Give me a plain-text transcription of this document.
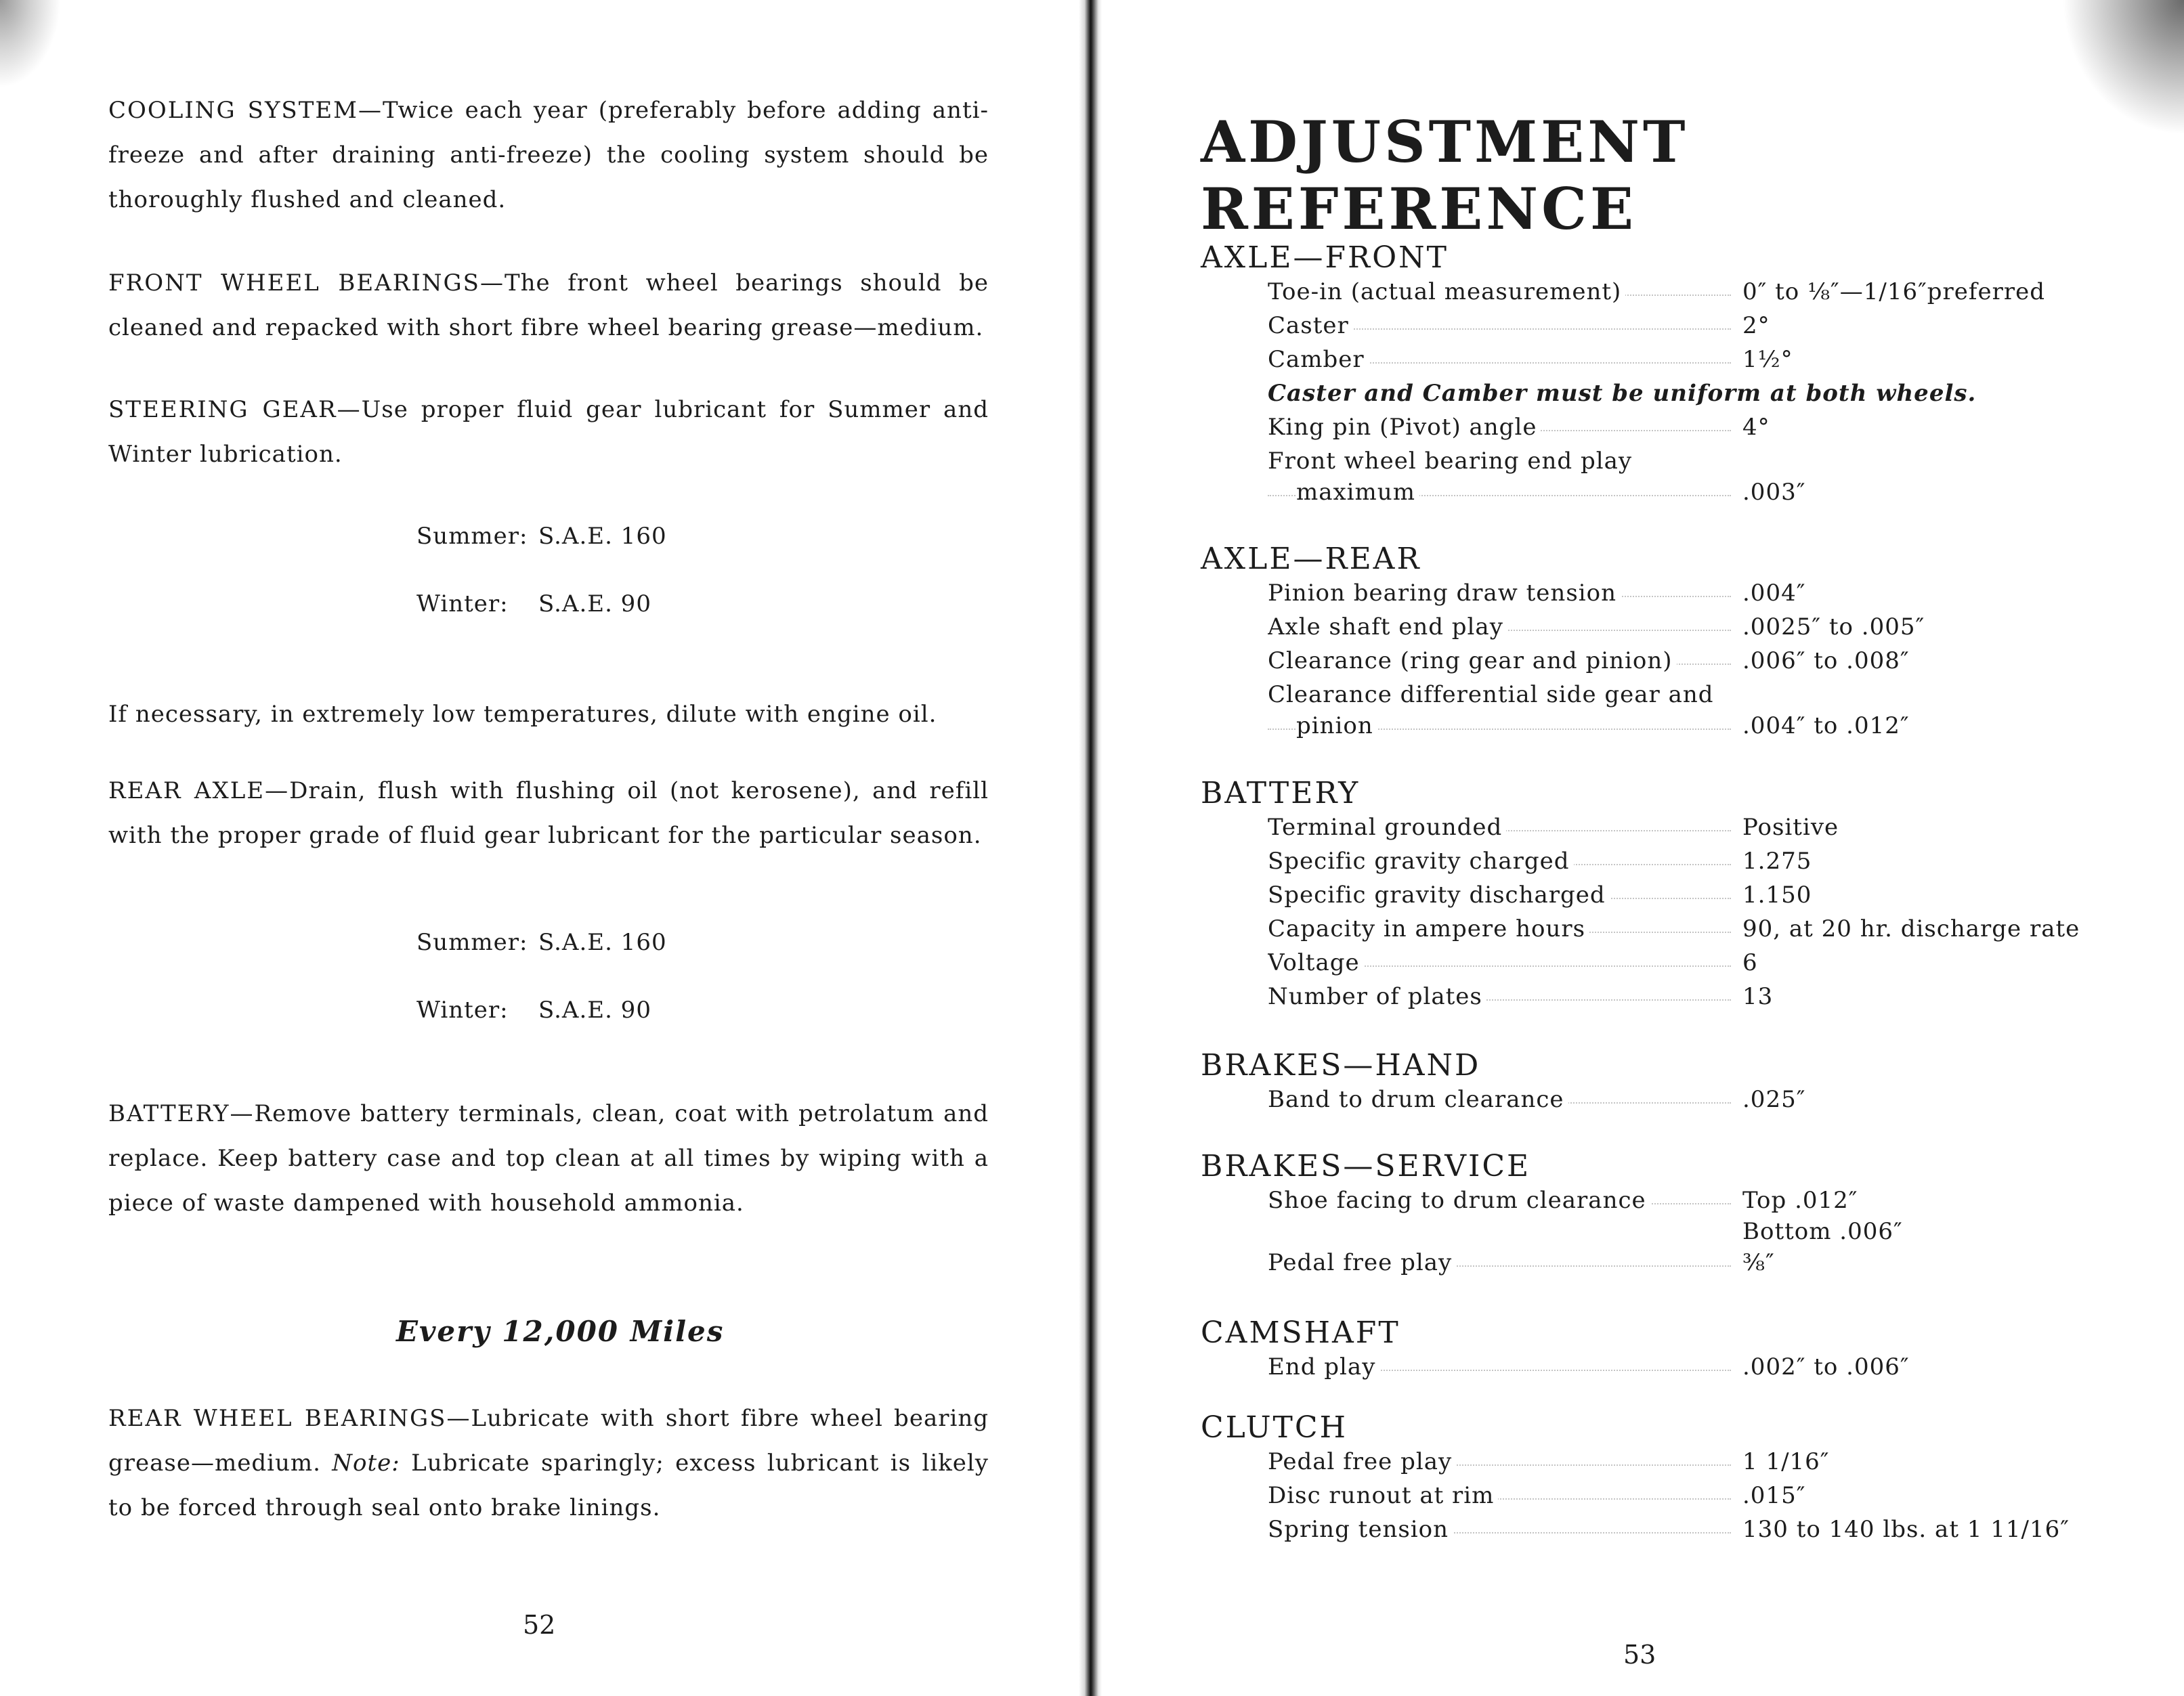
COOLING SYSTEM—Twice each year (preferably before adding anti-freeze and after draining anti-freeze) the cooling system should be thoroughly flushed and cleaned.

FRONT WHEEL BEARINGS—The front wheel bearings should be cleaned and repacked with short fibre wheel bearing grease—medium.

STEERING GEAR—Use proper fluid gear lubricant for Summer and Winter lubrication.

Summer: S.A.E. 160
Winter: S.A.E. 90

If necessary, in extremely low temperatures, dilute with engine oil.

REAR AXLE—Drain, flush with flushing oil (not kerosene), and refill with the proper grade of fluid gear lubricant for the particular season.

Summer: S.A.E. 160
Winter: S.A.E. 90

BATTERY—Remove battery terminals, clean, coat with petrolatum and replace. Keep battery case and top clean at all times by wiping with a piece of waste dampened with household ammonia.

Every 12,000 Miles

REAR WHEEL BEARINGS—Lubricate with short fibre wheel bearing grease—medium. Note: Lubricate sparingly; excess lubricant is likely to be forced through seal onto brake linings.

52
ADJUSTMENT REFERENCE
AXLE—FRONT
Toe-in (actual measurement)	0″ to ⅛″—1/16″preferred
Caster	2°
Camber	1½°
Caster and Camber must be uniform at both wheels.
King pin (Pivot) angle	4°
Front wheel bearing end play
maximum	.003″
AXLE—REAR
Pinion bearing draw tension	.004″
Axle shaft end play	.0025″ to .005″
Clearance (ring gear and pinion)	.006″ to .008″
Clearance differential side gear and
pinion	.004″ to .012″
BATTERY
Terminal grounded	Positive
Specific gravity charged	1.275
Specific gravity discharged	1.150
Capacity in ampere hours	90, at 20 hr. discharge rate
Voltage	6
Number of plates	13
BRAKES—HAND
Band to drum clearance	.025″
BRAKES—SERVICE
Shoe facing to drum clearance	Top .012″
Bottom .006″
Pedal free play	⅜″
CAMSHAFT
End play	.002″ to .006″
CLUTCH
Pedal free play	1 1/16″
Disc runout at rim	.015″
Spring tension	130 to 140 lbs. at 1 11/16″
53
